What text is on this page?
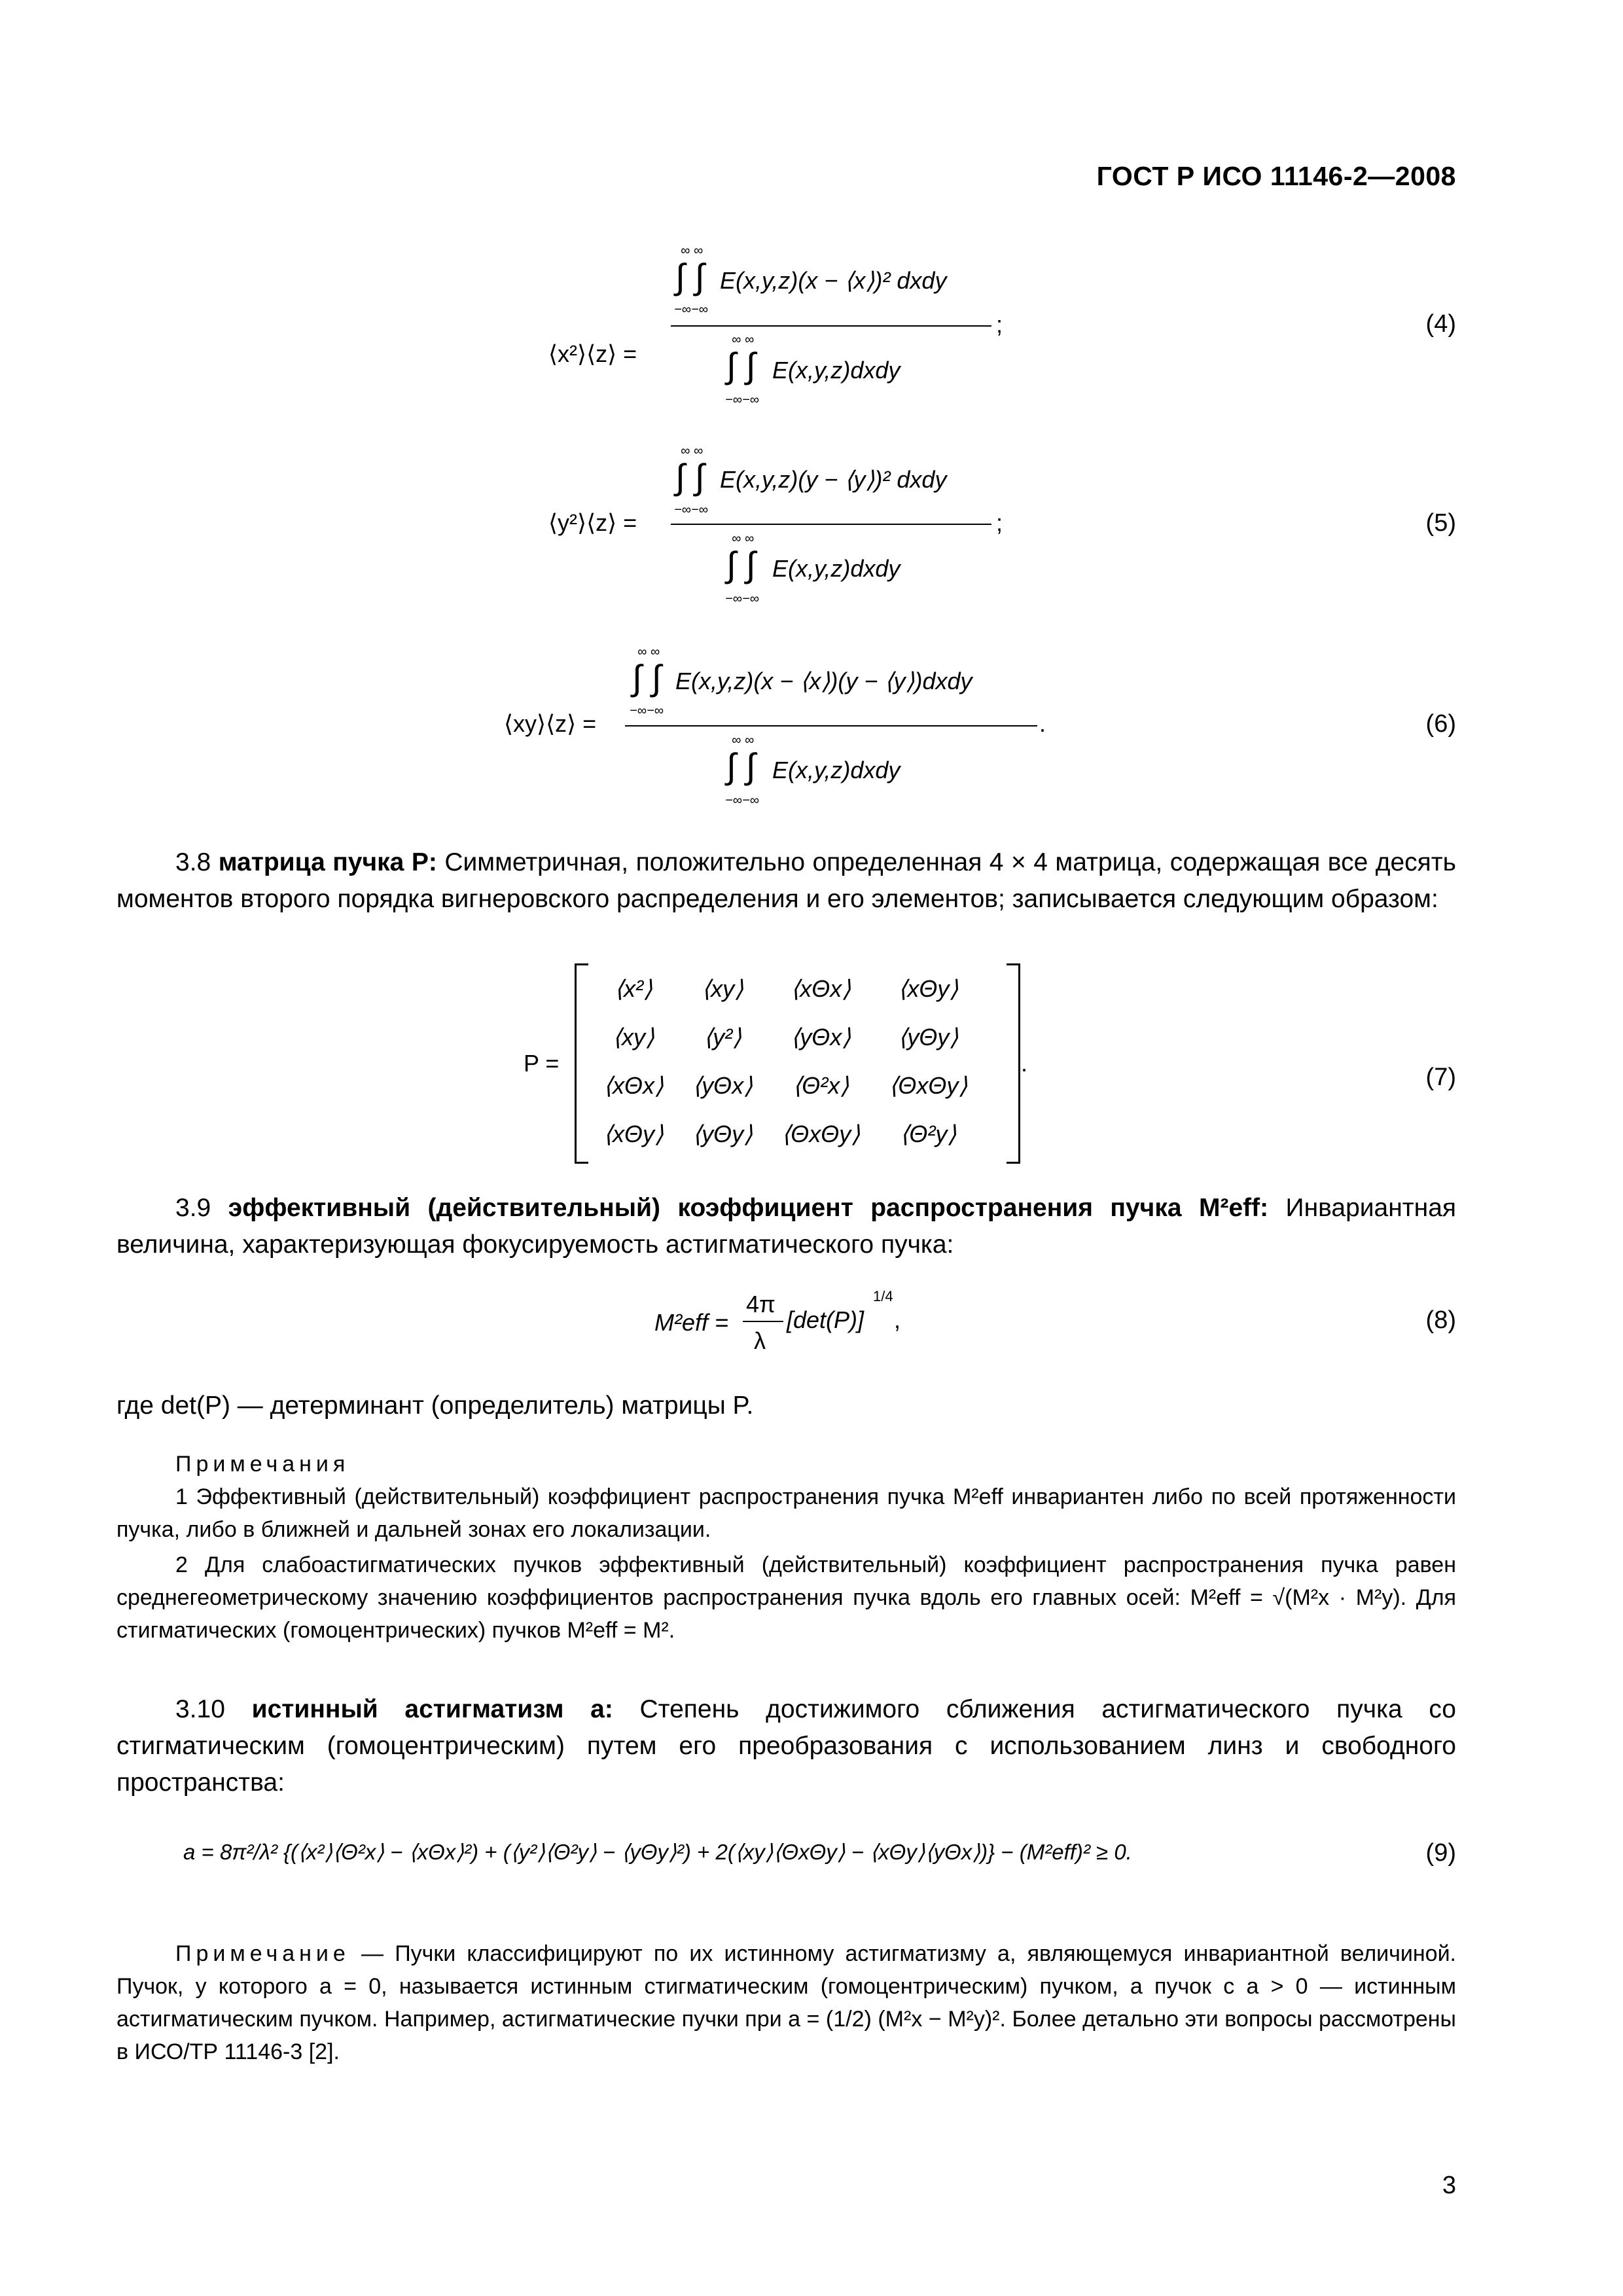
ГОСТ Р ИСО 11146-2—2008
⟨x²⟩⟨z⟩ =
∞ ∞
∫ ∫
−∞−∞
E(x,y,z)(x − ⟨x⟩)² dxdy
;
∞ ∞
∫ ∫
−∞−∞
E(x,y,z)dxdy
(4)
⟨y²⟩⟨z⟩ =
∞ ∞
∫ ∫
−∞−∞
E(x,y,z)(y − ⟨y⟩)² dxdy
;
∞ ∞
∫ ∫
−∞−∞
E(x,y,z)dxdy
(5)
⟨xy⟩⟨z⟩ =
∞ ∞
∫ ∫
−∞−∞
E(x,y,z)(x − ⟨x⟩)(y − ⟨y⟩)dxdy
.
∞ ∞
∫ ∫
−∞−∞
E(x,y,z)dxdy
(6)
3.8 матрица пучка P: Симметричная, положительно определенная 4 × 4 матрица, содержащая все десять моментов второго порядка вигнеровского распределения и его элементов; записывается следующим образом:
P =
⟨x²⟩	⟨xy⟩	⟨xΘx⟩	⟨xΘy⟩
⟨xy⟩	⟨y²⟩	⟨yΘx⟩	⟨yΘy⟩
⟨xΘx⟩	⟨yΘx⟩	⟨Θ²x⟩	⟨ΘxΘy⟩
⟨xΘy⟩	⟨yΘy⟩	⟨ΘxΘy⟩	⟨Θ²y⟩
.
(7)
3.9 эффективный (действительный) коэффициент распространения пучка M²eff: Инвариантная величина, характеризующая фокусируемость астигматического пучка:
M²eff =
4π
λ
[det(P)]
1/4
,	(8)
где det(P) — детерминант (определитель) матрицы P.
Примечания
1 Эффективный (действительный) коэффициент распространения пучка M²eff инвариантен либо по всей протяженности пучка, либо в ближней и дальней зонах его локализации.
2 Для слабоастигматических пучков эффективный (действительный) коэффициент распространения пучка равен среднегеометрическому значению коэффициентов распространения пучка вдоль его главных осей: M²eff = √(M²x · M²y). Для стигматических (гомоцентрических) пучков M²eff = M².
3.10 истинный астигматизм a: Степень достижимого сближения астигматического пучка со стигматическим (гомоцентрическим) путем его преобразования с использованием линз и свободного пространства:
a = 8π²/λ² {(⟨x²⟩⟨Θ²x⟩ − ⟨xΘx⟩²) + (⟨y²⟩⟨Θ²y⟩ − ⟨yΘy⟩²) + 2(⟨xy⟩⟨ΘxΘy⟩ − ⟨xΘy⟩⟨yΘx⟩)} − (M²eff)² ≥ 0.	(9)
Примечание — Пучки классифицируют по их истинному астигматизму a, являющемуся инвариантной величиной. Пучок, у которого a = 0, называется истинным стигматическим (гомоцентрическим) пучком, а пучок с a > 0 — истинным астигматическим пучком. Например, астигматические пучки при a = (1/2) (M²x − M²y)². Более детально эти вопросы рассмотрены в ИСО/ТР 11146-3 [2].
3
